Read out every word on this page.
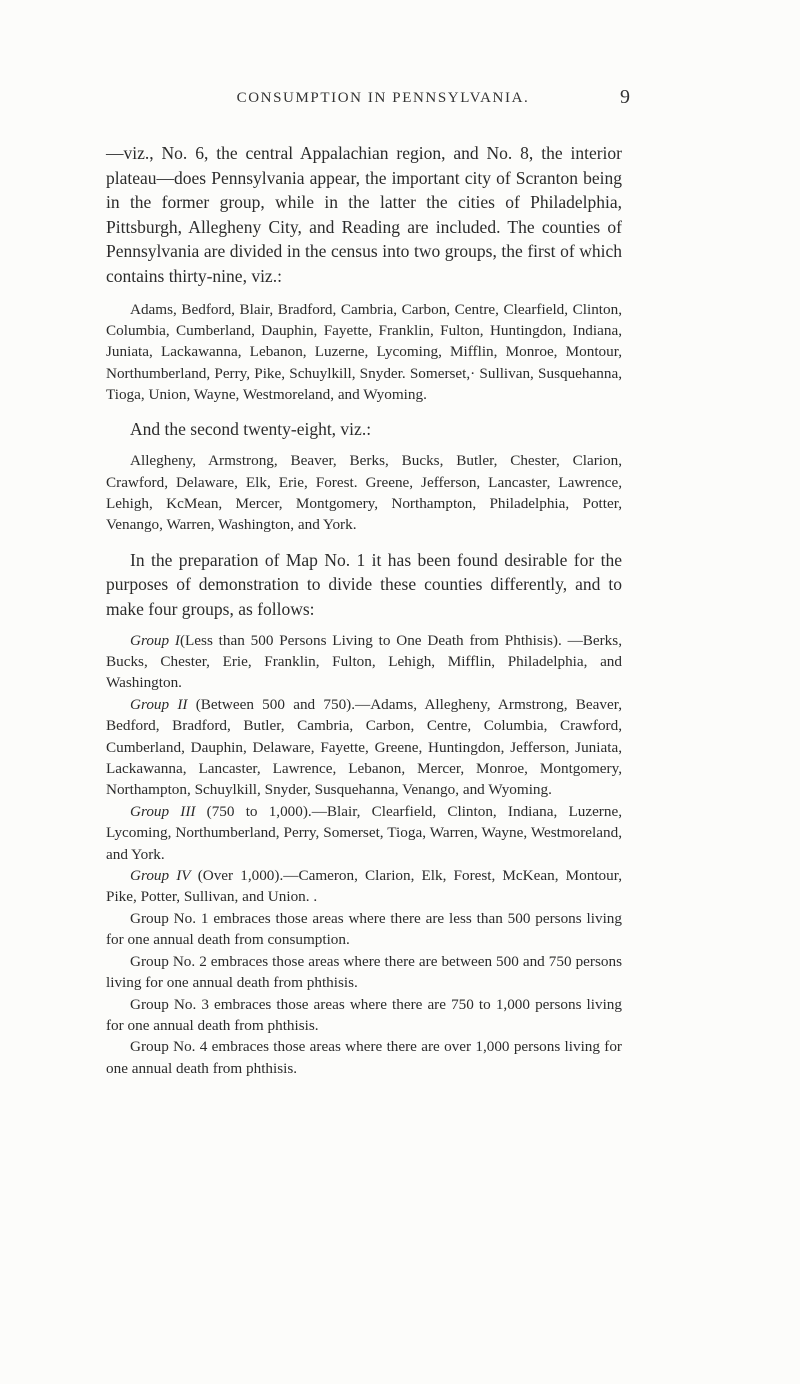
CONSUMPTION IN PENNSYLVANIA.	9

—viz., No. 6, the central Appalachian region, and No. 8, the interior plateau—does Pennsylvania appear, the important city of Scranton being in the former group, while in the latter the cities of Philadelphia, Pittsburgh, Allegheny City, and Reading are included. The counties of Pennsylvania are divided in the census into two groups, the first of which contains thirty-nine, viz.:

Adams, Bedford, Blair, Bradford, Cambria, Carbon, Centre, Clearfield, Clinton, Columbia, Cumberland, Dauphin, Fayette, Franklin, Fulton, Huntingdon, Indiana, Juniata, Lackawanna, Lebanon, Luzerne, Lycoming, Mifflin, Monroe, Montour, Northumberland, Perry, Pike, Schuylkill, Snyder. Somerset,· Sullivan, Susquehanna, Tioga, Union, Wayne, Westmoreland, and Wyoming.

And the second twenty-eight, viz.:

Allegheny, Armstrong, Beaver, Berks, Bucks, Butler, Chester, Clarion, Crawford, Delaware, Elk, Erie, Forest. Greene, Jefferson, Lancaster, Lawrence, Lehigh, KcMean, Mercer, Montgomery, Northampton, Philadelphia, Potter, Venango, Warren, Washington, and York.

In the preparation of Map No. 1 it has been found desirable for the purposes of demonstration to divide these counties differently, and to make four groups, as follows:

Group I(Less than 500 Persons Living to One Death from Phthisis). —Berks, Bucks, Chester, Erie, Franklin, Fulton, Lehigh, Mifflin, Philadelphia, and Washington.

Group II (Between 500 and 750).—Adams, Allegheny, Armstrong, Beaver, Bedford, Bradford, Butler, Cambria, Carbon, Centre, Columbia, Crawford, Cumberland, Dauphin, Delaware, Fayette, Greene, Huntingdon, Jefferson, Juniata, Lackawanna, Lancaster, Lawrence, Lebanon, Mercer, Monroe, Montgomery, Northampton, Schuylkill, Snyder, Susquehanna, Venango, and Wyoming.

Group III (750 to 1,000).—Blair, Clearfield, Clinton, Indiana, Luzerne, Lycoming, Northumberland, Perry, Somerset, Tioga, Warren, Wayne, Westmoreland, and York.

Group IV (Over 1,000).—Cameron, Clarion, Elk, Forest, McKean, Montour, Pike, Potter, Sullivan, and Union. .

Group No. 1 embraces those areas where there are less than 500 persons living for one annual death from consumption.

Group No. 2 embraces those areas where there are between 500 and 750 persons living for one annual death from phthisis.

Group No. 3 embraces those areas where there are 750 to 1,000 persons living for one annual death from phthisis.

Group No. 4 embraces those areas where there are over 1,000 persons living for one annual death from phthisis.
